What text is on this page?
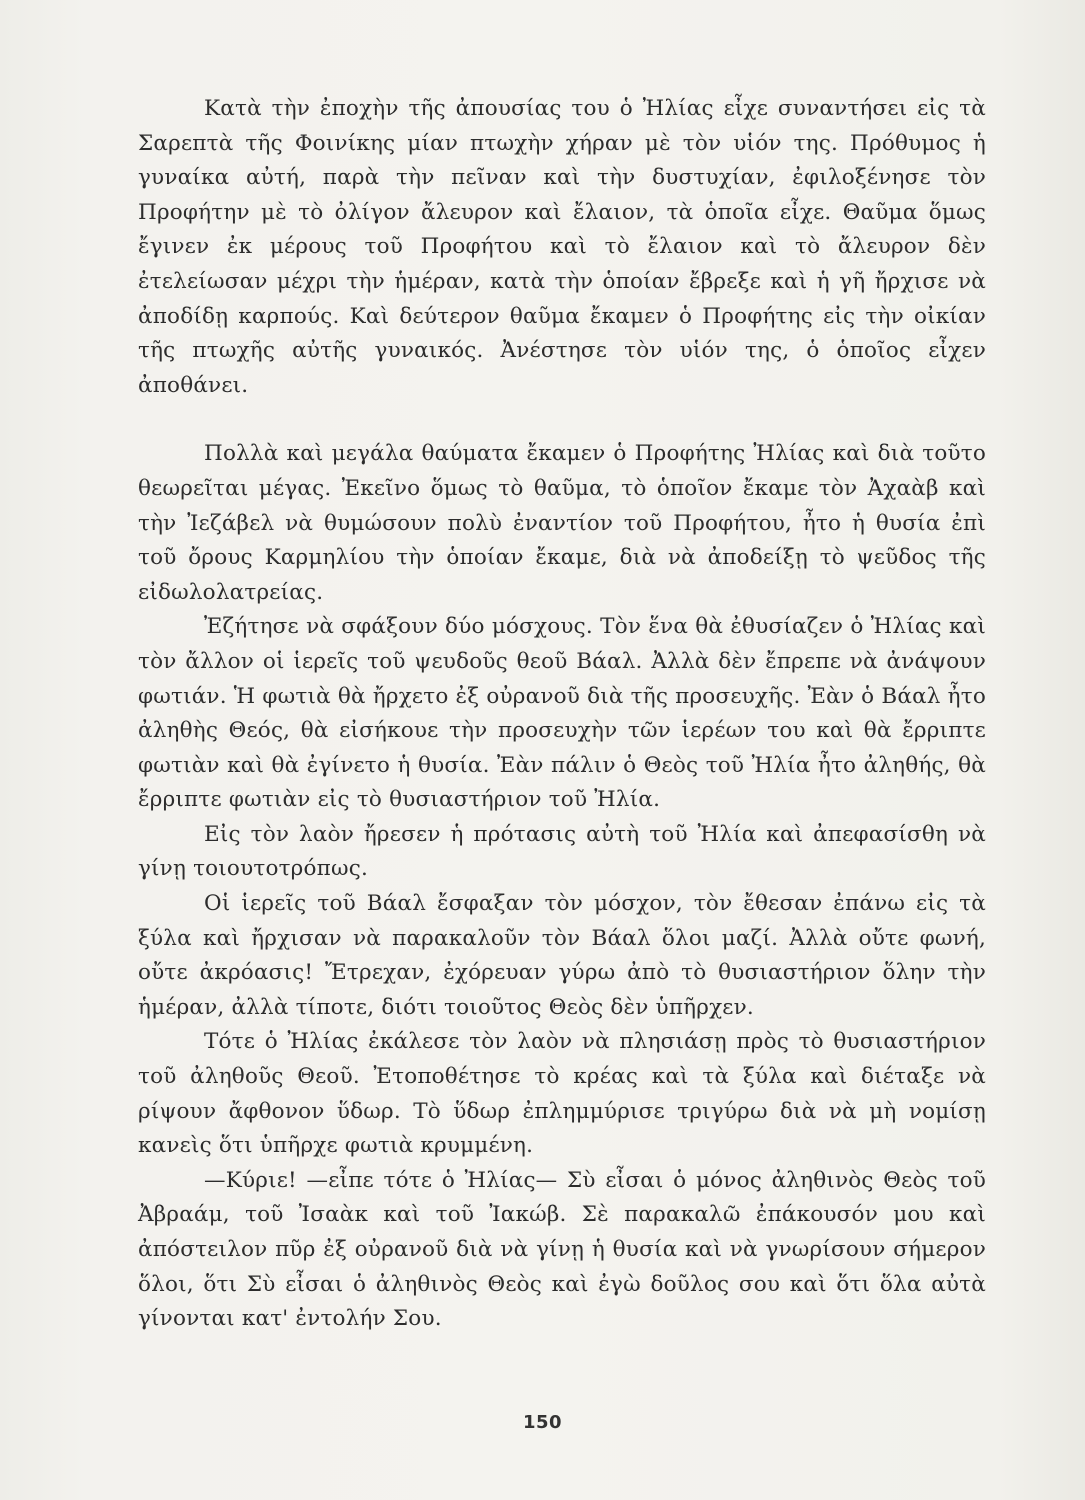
Κατὰ τὴν ἐποχὴν τῆς ἀπουσίας του ὁ Ἠλίας εἶχε συναντήσει εἰς τὰ Σαρεπτὰ τῆς Φοινίκης μίαν πτωχὴν χήραν μὲ τὸν υἱόν της. Πρόθυμος ἡ γυναίκα αὐτή, παρὰ τὴν πεῖναν καὶ τὴν δυστυχίαν, ἐφιλοξένησε τὸν Προφήτην μὲ τὸ ὀλίγον ἄλευρον καὶ ἔλαιον, τὰ ὁποῖα εἶχε. Θαῦμα ὅμως ἔγινεν ἐκ μέρους τοῦ Προφήτου καὶ τὸ ἔλαιον καὶ τὸ ἄλευρον δὲν ἐτελείωσαν μέχρι τὴν ἡμέραν, κατὰ τὴν ὁποίαν ἔβρεξε καὶ ἡ γῆ ἤρχισε νὰ ἀποδίδῃ καρπούς. Καὶ δεύτερον θαῦμα ἔκαμεν ὁ Προφήτης εἰς τὴν οἰκίαν τῆς πτωχῆς αὐτῆς γυναικός. Ἀνέστησε τὸν υἱόν της, ὁ ὁποῖος εἶχεν ἀποθάνει.

Πολλὰ καὶ μεγάλα θαύματα ἔκαμεν ὁ Προφήτης Ἠλίας καὶ διὰ τοῦτο θεωρεῖται μέγας. Ἐκεῖνο ὅμως τὸ θαῦμα, τὸ ὁποῖον ἔκαμε τὸν Ἀχαὰβ καὶ τὴν Ἰεζάβελ νὰ θυμώσουν πολὺ ἐναντίον τοῦ Προφήτου, ἦτο ἡ θυσία ἐπὶ τοῦ ὄρους Καρμηλίου τὴν ὁποίαν ἔκαμε, διὰ νὰ ἀποδείξῃ τὸ ψεῦδος τῆς εἰδωλολατρείας.

Ἐζήτησε νὰ σφάξουν δύο μόσχους. Τὸν ἕνα θὰ ἐθυσίαζεν ὁ Ἠλίας καὶ τὸν ἄλλον οἱ ἱερεῖς τοῦ ψευδοῦς θεοῦ Βάαλ. Ἀλλὰ δὲν ἔπρεπε νὰ ἀνάψουν φωτιάν. Ἡ φωτιὰ θὰ ἤρχετο ἐξ οὐρανοῦ διὰ τῆς προσευχῆς. Ἐὰν ὁ Βάαλ ἦτο ἀληθὴς Θεός, θὰ εἰσήκουε τὴν προσευχὴν τῶν ἱερέων του καὶ θὰ ἔρριπτε φωτιὰν καὶ θὰ ἐγίνετο ἡ θυσία. Ἐὰν πάλιν ὁ Θεὸς τοῦ Ἠλία ἦτο ἀληθής, θὰ ἔρριπτε φωτιὰν εἰς τὸ θυσιαστήριον τοῦ Ἠλία.

Εἰς τὸν λαὸν ἤρεσεν ἡ πρότασις αὐτὴ τοῦ Ἠλία καὶ ἀπεφασίσθη νὰ γίνῃ τοιουτοτρόπως.

Οἱ ἱερεῖς τοῦ Βάαλ ἔσφαξαν τὸν μόσχον, τὸν ἔθεσαν ἐπάνω εἰς τὰ ξύλα καὶ ἤρχισαν νὰ παρακαλοῦν τὸν Βάαλ ὅλοι μαζί. Ἀλλὰ οὔτε φωνή, οὔτε ἀκρόασις! Ἔτρεχαν, ἐχόρευαν γύρω ἀπὸ τὸ θυσιαστήριον ὅλην τὴν ἡμέραν, ἀλλὰ τίποτε, διότι τοιοῦτος Θεὸς δὲν ὑπῆρχεν.

Τότε ὁ Ἠλίας ἐκάλεσε τὸν λαὸν νὰ πλησιάσῃ πρὸς τὸ θυσιαστήριον τοῦ ἀληθοῦς Θεοῦ. Ἐτοποθέτησε τὸ κρέας καὶ τὰ ξύλα καὶ διέταξε νὰ ρίψουν ἄφθονον ὕδωρ. Τὸ ὕδωρ ἐπλημμύρισε τριγύρω διὰ νὰ μὴ νομίσῃ κανεὶς ὅτι ὑπῆρχε φωτιὰ κρυμμένη.

—Κύριε! —εἶπε τότε ὁ Ἠλίας— Σὺ εἶσαι ὁ μόνος ἀληθινὸς Θεὸς τοῦ Ἀβραάμ, τοῦ Ἰσαὰκ καὶ τοῦ Ἰακώβ. Σὲ παρακαλῶ ἐπάκουσόν μου καὶ ἀπόστειλον πῦρ ἐξ οὐρανοῦ διὰ νὰ γίνῃ ἡ θυσία καὶ νὰ γνωρίσουν σήμερον ὅλοι, ὅτι Σὺ εἶσαι ὁ ἀληθινὸς Θεὸς καὶ ἐγὼ δοῦλος σου καὶ ὅτι ὅλα αὐτὰ γίνονται κατ' ἐντολήν Σου.

150
